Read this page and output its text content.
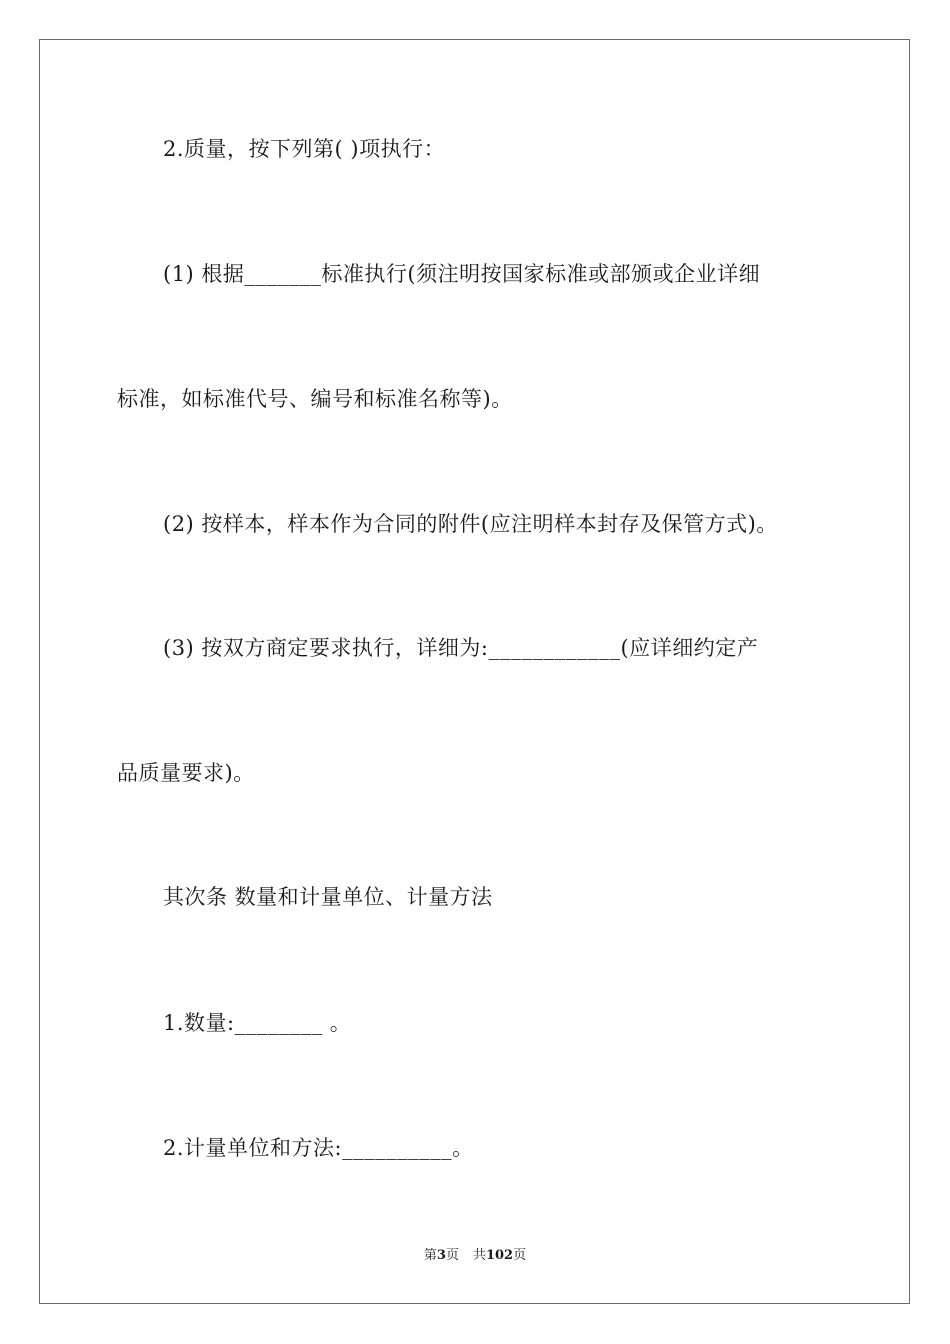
2.质量，按下列第( )项执行：
(1) 根据_______标准执行(须注明按国家标准或部颁或企业详细
标准，如标准代号、编号和标准名称等)。
(2) 按样本，样本作为合同的附件(应注明样本封存及保管方式)。
(3) 按双方商定要求执行，详细为:____________(应详细约定产
品质量要求)。
其次条 数量和计量单位、计量方法
1.数量:________ 。
2.计量单位和方法:__________。
第3页 共102页
